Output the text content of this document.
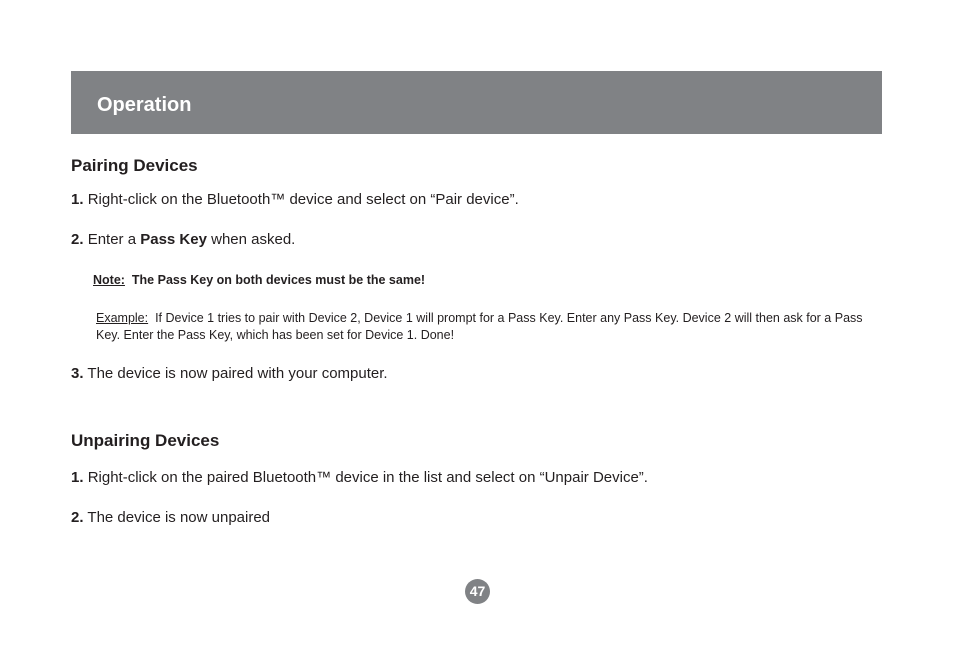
Operation
Pairing Devices
1. Right-click on the Bluetooth™ device and select on “Pair device”.
2. Enter a Pass Key when asked.
Note: The Pass Key on both devices must be the same!
Example: If Device 1 tries to pair with Device 2, Device 1 will prompt for a Pass Key. Enter any Pass Key. Device 2 will then ask for a Pass Key. Enter the Pass Key, which has been set for Device 1. Done!
3. The device is now paired with your computer.
Unpairing Devices
1. Right-click on the paired Bluetooth™ device in the list and select on “Unpair Device”.
2. The device is now unpaired
47
